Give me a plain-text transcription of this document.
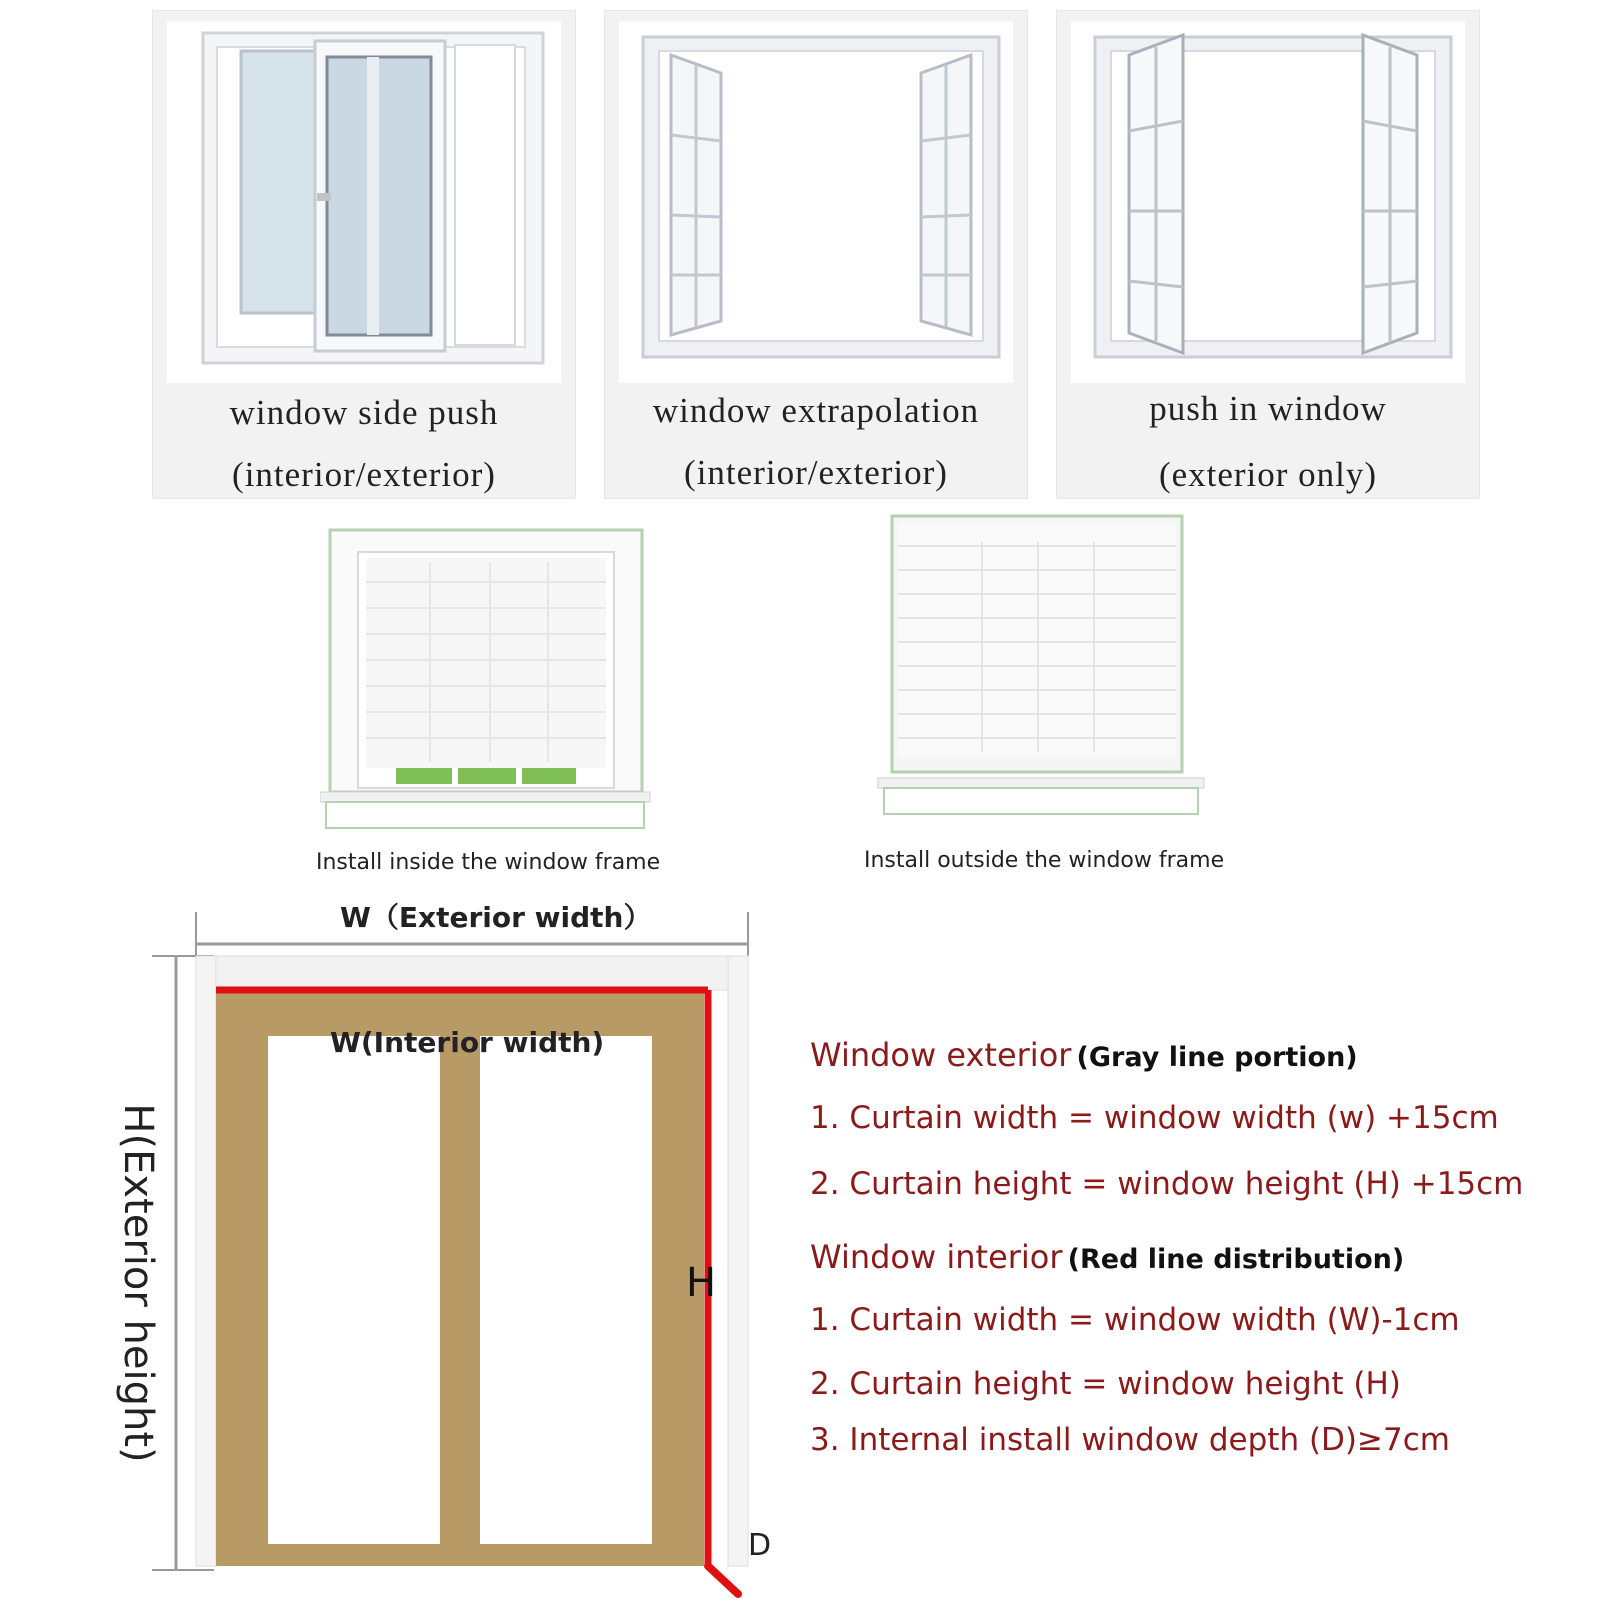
window side push
(interior/exterior)
window extrapolation
(interior/exterior)
push in window
(exterior only)
Install inside the window frame	Install outside the window frame
W（Exterior width）
W(Interior width)
H(Exterior height)	H
D
Window exterior (Gray line portion)
1. Curtain width = window width (w) +15cm
2. Curtain height = window height (H) +15cm
Window interior (Red line distribution)
1. Curtain width = window width (W)-1cm
2. Curtain height = window height (H)
3. Internal install window depth (D)≥7cm
